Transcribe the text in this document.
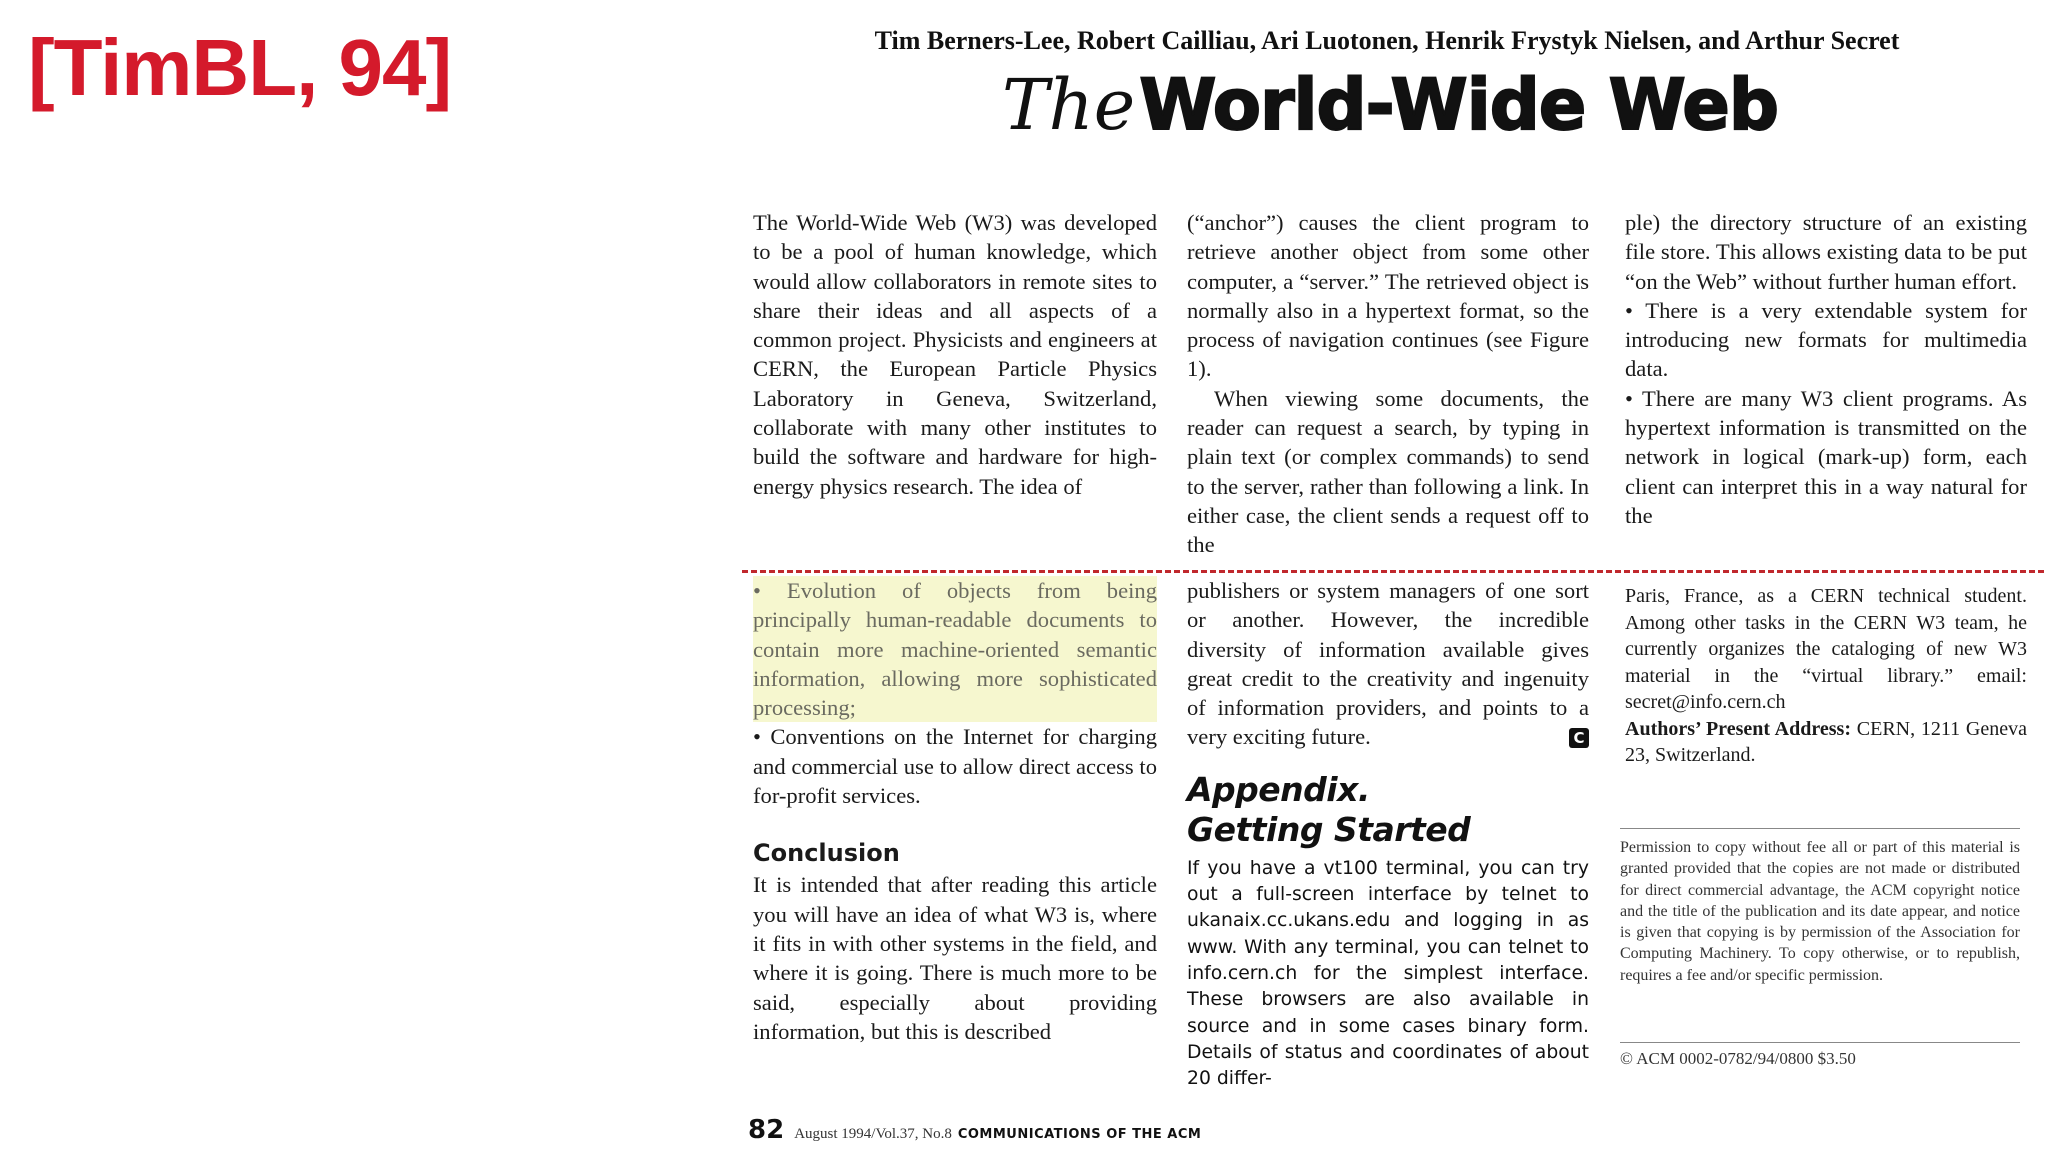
[TimBL, 94]	Tim Berners-Lee, Robert Cailliau, Ari Luotonen, Henrik Frystyk Nielsen, and Arthur Secret
The World-Wide Web

The World-Wide Web (W3) was developed to be a pool of human knowledge, which would allow collaborators in remote sites to share their ideas and all aspects of a common project. Physicists and engineers at CERN, the European Particle Physics Laboratory in Geneva, Switzerland, collaborate with many other institutes to build the software and hardware for high-energy physics research. The idea of

(“anchor”) causes the client program to retrieve another object from some other computer, a “server.” The retrieved object is normally also in a hypertext format, so the process of navigation continues (see Figure 1).

When viewing some documents, the reader can request a search, by typing in plain text (or complex commands) to send to the server, rather than following a link. In either case, the client sends a request off to the

ple) the directory structure of an existing file store. This allows existing data to be put “on the Web” without further human effort.

• There is a very extendable system for introducing new formats for multimedia data.

• There are many W3 client programs. As hypertext information is transmitted on the network in logical (mark-up) form, each client can interpret this in a way natural for the

• Evolution of objects from being principally human-readable documents to contain more machine-oriented semantic information, allowing more sophisticated processing;

• Conventions on the Internet for charging and commercial use to allow direct access to for-profit services.

Conclusion

It is intended that after reading this article you will have an idea of what W3 is, where it fits in with other systems in the field, and where it is going. There is much more to be said, especially about providing information, but this is described

publishers or system managers of one sort or another. However, the incredible diversity of information available gives great credit to the creativity and ingenuity of information providers, and points to a very exciting future.	C

Appendix.
Getting Started

If you have a vt100 terminal, you can try out a full-screen interface by telnet to ukanaix.cc.ukans.edu and logging in as www. With any terminal, you can telnet to info.cern.ch for the simplest interface. These browsers are also available in source and in some cases binary form. Details of status and coordinates of about 20 differ-

Paris, France, as a CERN technical student. Among other tasks in the CERN W3 team, he currently organizes the cataloging of new W3 material in the “virtual library.” email: secret@info.cern.ch

Authors’ Present Address: CERN, 1211 Geneva 23, Switzerland.

Permission to copy without fee all or part of this material is granted provided that the copies are not made or distributed for direct commercial advantage, the ACM copyright notice and the title of the publication and its date appear, and notice is given that copying is by permission of the Association for Computing Machinery. To copy otherwise, or to republish, requires a fee and/or specific permission.
© ACM 0002-0782/94/0800 $3.50
82 August 1994/Vol.37, No.8 COMMUNICATIONS OF THE ACM
